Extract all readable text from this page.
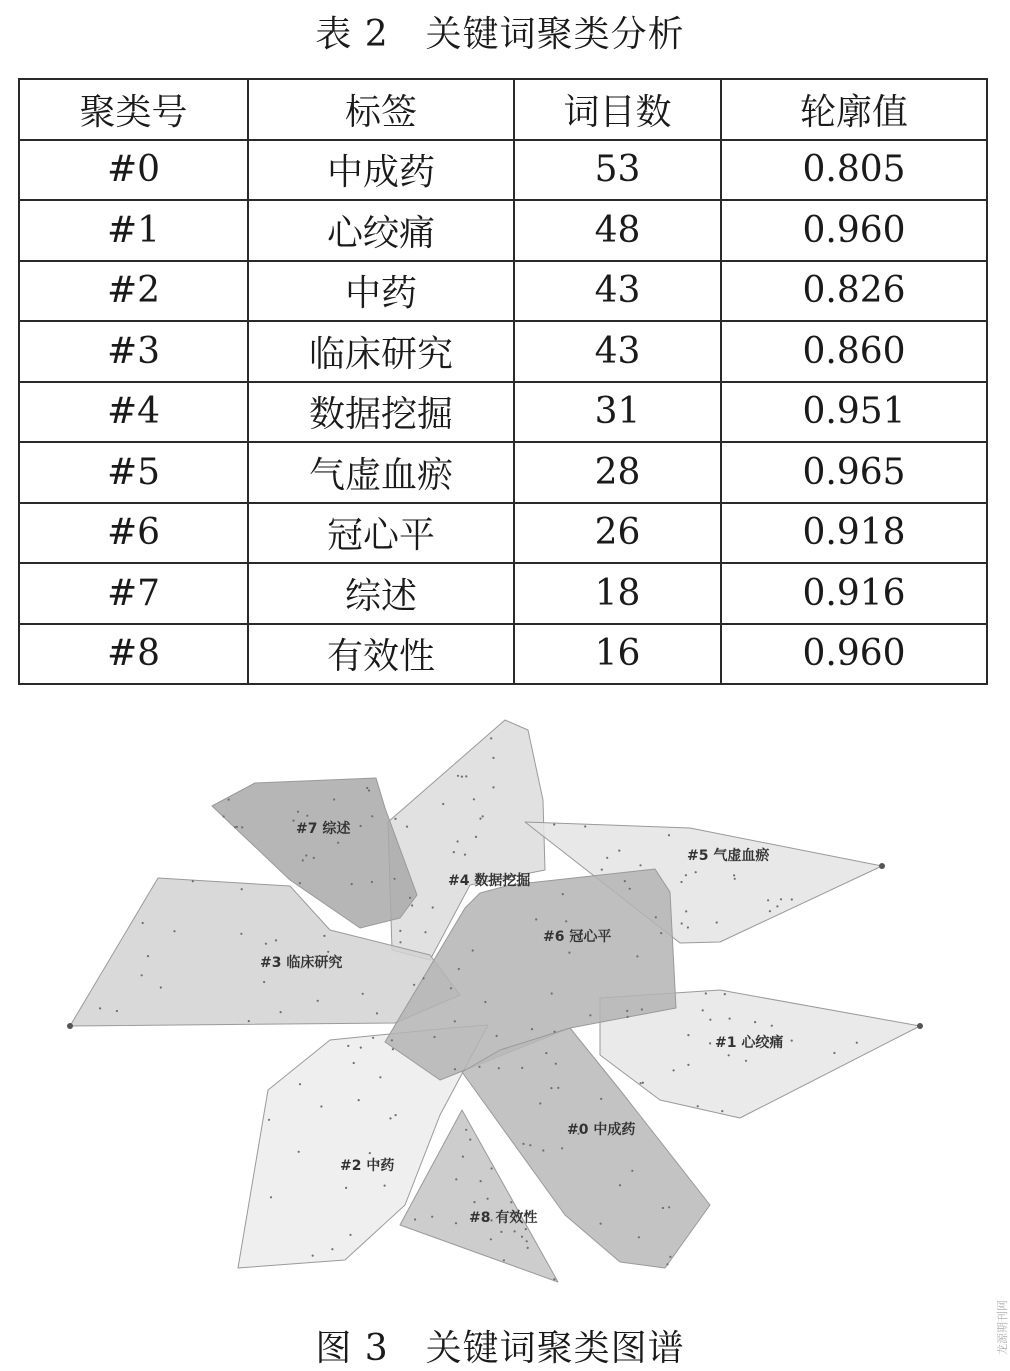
表 2　关键词聚类分析
聚类号	标签	词目数	轮廓值
#0	中成药	53	0.805
#1	心绞痛	48	0.960
#2	中药	43	0.826
#3	临床研究	43	0.860
#4	数据挖掘	31	0.951
#5	气虚血瘀	28	0.965
#6	冠心平	26	0.918
#7	综述	18	0.916
#8	有效性	16	0.960
#4 数据挖掘
#5 气虚血瘀
#3 临床研究
#1 心绞痛
#2 中药
#7 综述
#6 冠心平
#0 中成药
#8 有效性
图 3　关键词聚类图谱	龙源期刊网
